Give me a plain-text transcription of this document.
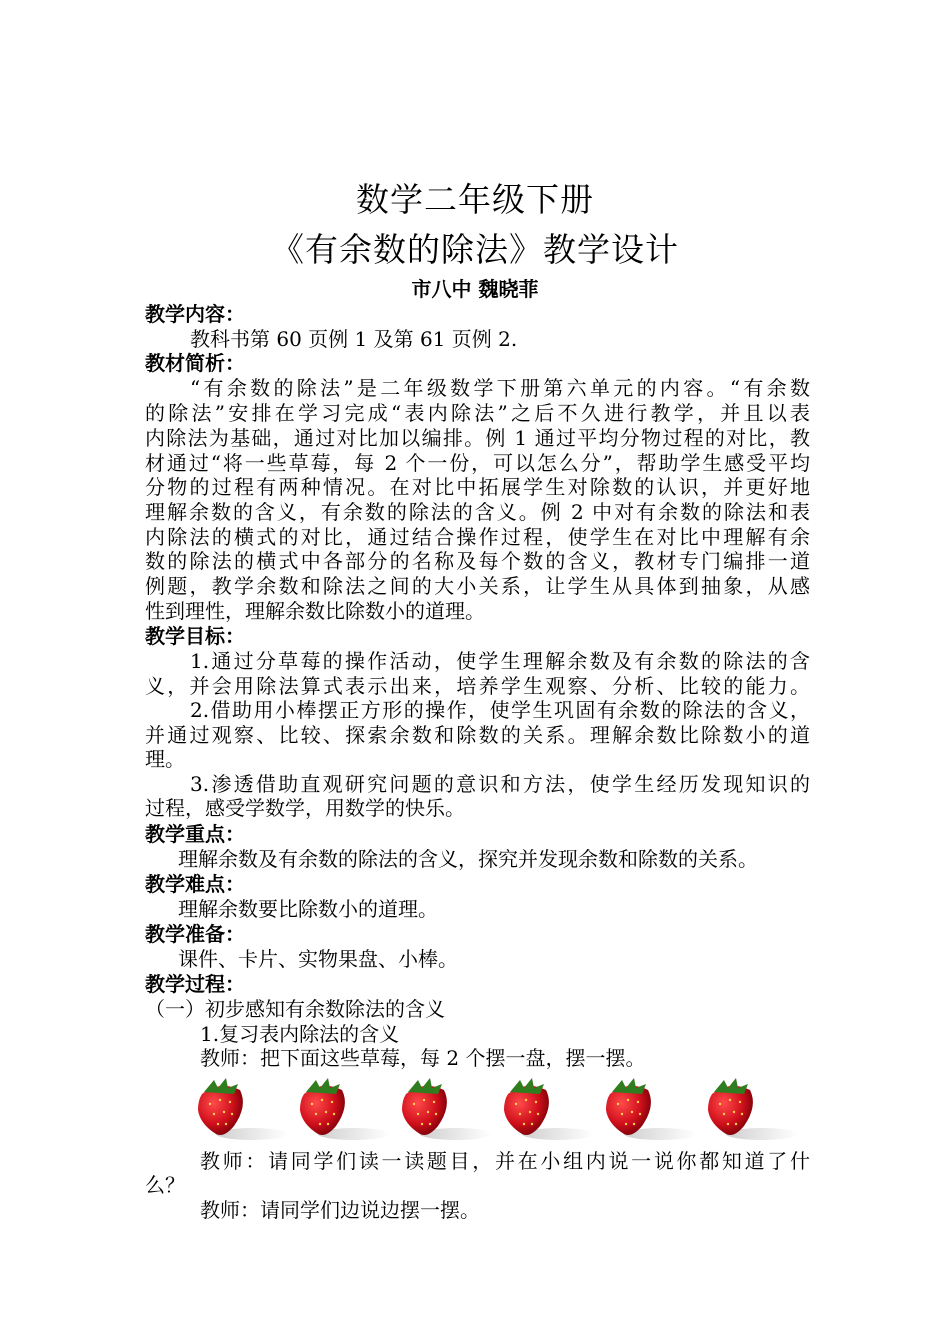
数学二年级下册
《有余数的除法》教学设计
市八中 魏晓菲
教学内容：
教科书第 60 页例 1 及第 61 页例 2.
教材简析：
“有余数的除法”是二年级数学下册第六单元的内容。“有余数
的除法”安排在学习完成“表内除法”之后不久进行教学，并且以表
内除法为基础，通过对比加以编排。例 1 通过平均分物过程的对比，教
材通过“将一些草莓，每 2 个一份，可以怎么分”，帮助学生感受平均
分物的过程有两种情况。在对比中拓展学生对除数的认识，并更好地
理解余数的含义，有余数的除法的含义。例 2 中对有余数的除法和表
内除法的横式的对比，通过结合操作过程，使学生在对比中理解有余
数的除法的横式中各部分的名称及每个数的含义，教材专门编排一道
例题，教学余数和除法之间的大小关系，让学生从具体到抽象，从感
性到理性，理解余数比除数小的道理。
教学目标：
1.通过分草莓的操作活动，使学生理解余数及有余数的除法的含
义，并会用除法算式表示出来，培养学生观察、分析、比较的能力。
2.借助用小棒摆正方形的操作，使学生巩固有余数的除法的含义，
并通过观察、比较、探索余数和除数的关系。理解余数比除数小的道
理。
3.渗透借助直观研究问题的意识和方法，使学生经历发现知识的
过程，感受学数学，用数学的快乐。
教学重点：
理解余数及有余数的除法的含义，探究并发现余数和除数的关系。
教学难点：
理解余数要比除数小的道理。
教学准备：
课件、卡片、实物果盘、小棒。
教学过程：
（一）初步感知有余数除法的含义
1.复习表内除法的含义
教师：把下面这些草莓，每 2 个摆一盘，摆一摆。
教师：请同学们读一读题目，并在小组内说一说你都知道了什
么？
教师：请同学们边说边摆一摆。
